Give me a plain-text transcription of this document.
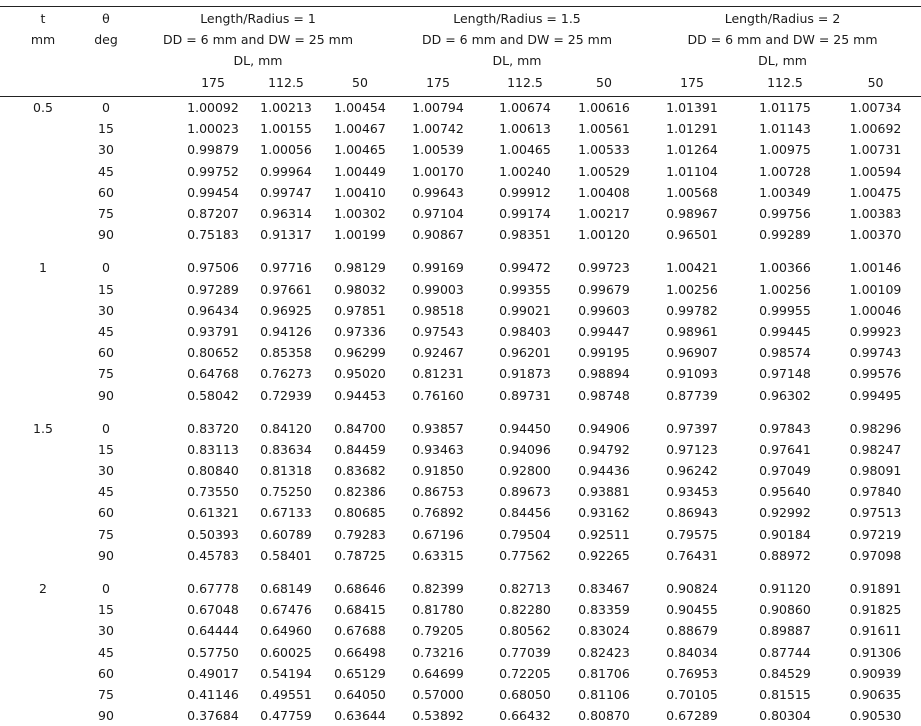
t	θ	Length/Radius = 1				Length/Radius = 1.5			Length/Radius = 2		
mm	deg	DD = 6 mm and DW = 25 mm				DD = 6 mm and DW = 25 mm			DD = 6 mm and DW = 25 mm		
		DL, mm				DL, mm			DL, mm		
			175	112.5	50	175	112.5	50	175	112.5	50

0.5	0		1.00092	1.00213	1.00454	1.00794	1.00674	1.00616	1.01391	1.01175	1.00734
	15		1.00023	1.00155	1.00467	1.00742	1.00613	1.00561	1.01291	1.01143	1.00692
	30		0.99879	1.00056	1.00465	1.00539	1.00465	1.00533	1.01264	1.00975	1.00731
	45		0.99752	0.99964	1.00449	1.00170	1.00240	1.00529	1.01104	1.00728	1.00594
	60		0.99454	0.99747	1.00410	0.99643	0.99912	1.00408	1.00568	1.00349	1.00475
	75		0.87207	0.96314	1.00302	0.97104	0.99174	1.00217	0.98967	0.99756	1.00383
	90		0.75183	0.91317	1.00199	0.90867	0.98351	1.00120	0.96501	0.99289	1.00370

1	0		0.97506	0.97716	0.98129	0.99169	0.99472	0.99723	1.00421	1.00366	1.00146
	15		0.97289	0.97661	0.98032	0.99003	0.99355	0.99679	1.00256	1.00256	1.00109
	30		0.96434	0.96925	0.97851	0.98518	0.99021	0.99603	0.99782	0.99955	1.00046
	45		0.93791	0.94126	0.97336	0.97543	0.98403	0.99447	0.98961	0.99445	0.99923
	60		0.80652	0.85358	0.96299	0.92467	0.96201	0.99195	0.96907	0.98574	0.99743
	75		0.64768	0.76273	0.95020	0.81231	0.91873	0.98894	0.91093	0.97148	0.99576
	90		0.58042	0.72939	0.94453	0.76160	0.89731	0.98748	0.87739	0.96302	0.99495

1.5	0		0.83720	0.84120	0.84700	0.93857	0.94450	0.94906	0.97397	0.97843	0.98296
	15		0.83113	0.83634	0.84459	0.93463	0.94096	0.94792	0.97123	0.97641	0.98247
	30		0.80840	0.81318	0.83682	0.91850	0.92800	0.94436	0.96242	0.97049	0.98091
	45		0.73550	0.75250	0.82386	0.86753	0.89673	0.93881	0.93453	0.95640	0.97840
	60		0.61321	0.67133	0.80685	0.76892	0.84456	0.93162	0.86943	0.92992	0.97513
	75		0.50393	0.60789	0.79283	0.67196	0.79504	0.92511	0.79575	0.90184	0.97219
	90		0.45783	0.58401	0.78725	0.63315	0.77562	0.92265	0.76431	0.88972	0.97098

2	0		0.67778	0.68149	0.68646	0.82399	0.82713	0.83467	0.90824	0.91120	0.91891
	15		0.67048	0.67476	0.68415	0.81780	0.82280	0.83359	0.90455	0.90860	0.91825
	30		0.64444	0.64960	0.67688	0.79205	0.80562	0.83024	0.88679	0.89887	0.91611
	45		0.57750	0.60025	0.66498	0.73216	0.77039	0.82423	0.84034	0.87744	0.91306
	60		0.49017	0.54194	0.65129	0.64699	0.72205	0.81706	0.76953	0.84529	0.90939
	75		0.41146	0.49551	0.64050	0.57000	0.68050	0.81106	0.70105	0.81515	0.90635
	90		0.37684	0.47759	0.63644	0.53892	0.66432	0.80870	0.67289	0.80304	0.90530
